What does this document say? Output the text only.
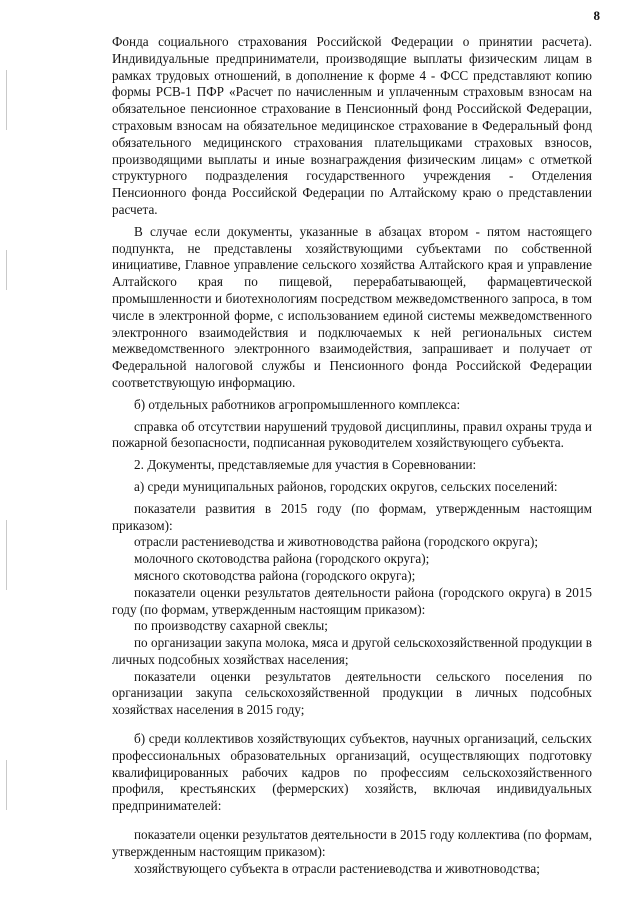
8

Фонда социального страхования Российской Федерации о принятии расчета). Индивидуальные предприниматели, производящие выплаты физическим лицам в рамках трудовых отношений, в дополнение к форме 4 - ФСС представляют копию формы РСВ-1 ПФР «Расчет по начисленным и уплаченным страховым взносам на обязательное пенсионное страхование в Пенсионный фонд Российской Федерации, страховым взносам на обязательное медицинское страхование в Федеральный фонд обязательного медицинского страхования плательщиками страховых взносов, производящими выплаты и иные вознаграждения физическим лицам» с отметкой структурного подразделения государственного учреждения - Отделения Пенсионного фонда Российской Федерации по Алтайскому краю о представлении расчета.

В случае если документы, указанные в абзацах втором - пятом настоящего подпункта, не представлены хозяйствующими субъектами по собственной инициативе, Главное управление сельского хозяйства Алтайского края и управление Алтайского края по пищевой, перерабатывающей, фармацевтической промышленности и биотехнологиям посредством межведомственного запроса, в том числе в электронной форме, с использованием единой системы межведомственного электронного взаимодействия и подключаемых к ней региональных систем межведомственного электронного взаимодействия, запрашивает и получает от Федеральной налоговой службы и Пенсионного фонда Российской Федерации соответствующую информацию.

б) отдельных работников агропромышленного комплекса:

справка об отсутствии нарушений трудовой дисциплины, правил охраны труда и пожарной безопасности, подписанная руководителем хозяйствующего субъекта.

2. Документы, представляемые для участия в Соревновании:

а) среди муниципальных районов, городских округов, сельских поселений:

показатели развития в 2015 году (по формам, утвержденным настоящим приказом):

отрасли растениеводства и животноводства района (городского округа);

молочного скотоводства района (городского округа);

мясного скотоводства района (городского округа);

показатели оценки результатов деятельности района (городского округа) в 2015 году (по формам, утвержденным настоящим приказом):

по производству сахарной свеклы;

по организации закупа молока, мяса и другой сельскохозяйственной продукции в личных подсобных хозяйствах населения;

показатели оценки результатов деятельности сельского поселения по организации закупа сельскохозяйственной продукции в личных подсобных хозяйствах населения в 2015 году;

б) среди коллективов хозяйствующих субъектов, научных организаций, сельских профессиональных образовательных организаций, осуществляющих подготовку квалифицированных рабочих кадров по профессиям сельскохозяйственного профиля, крестьянских (фермерских) хозяйств, включая индивидуальных предпринимателей:

показатели оценки результатов деятельности в 2015 году коллектива (по формам, утвержденным настоящим приказом):

хозяйствующего субъекта в отрасли растениеводства и животноводства;
